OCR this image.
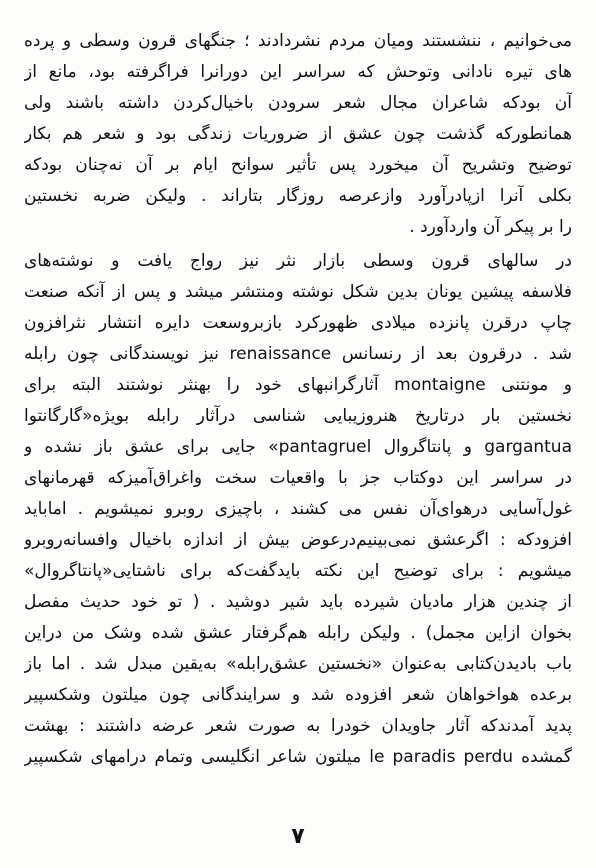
می‌خوانیم ، ننشستند ومیان مردم نشردادند ؛ جنگهای قرون وسطی و پرده
های تیره نادانی وتوحش که سراسر این دورانرا فراگرفته بود، مانع از
آن بودکه شاعران مجال شعر سرودن باخیال‌کردن داشته باشند ولی
همانطورکه گذشت چون عشق از ضروریات زندگی بود و شعر هم بکار
توضیح وتشریح آن میخورد پس تأثیر سوانح ایام بر آن نه‌چنان بودکه
بکلی آنرا ازپادرآورد وازعرصه روزگار بتاراند . ولیکن ضربه نخستین
را بر پیکر آن واردآورد .
در سالهای قرون وسطی بازار نثر نیز رواج یافت و نوشته‌های
فلاسفه پیشین یونان بدین شکل نوشته ومنتشر میشد و پس از آنکه صنعت
چاپ درقرن پانزده میلادی ظهورکرد بازبروسعت دایره انتشار نثرافزون
شد . درقرون بعد از رنسانس renaissance نیز نویسندگانی چون رابله
و مونتنی montaigne آثارگرانبهای خود را بهنثر نوشتند البته برای
نخستین بار درتاریخ هنروزیبایی شناسی درآثار رابله بویژه«گارگانتوا
gargantua و پانتاگروال pantagruel» جایی برای عشق باز نشده و
در سراسر این دوکتاب جز با واقعیات سخت واغراق‌آمیزکه قهرمانهای
غول‌آسایی درهوای‌آن نفس می کشند ، باچیزی روبرو نمیشویم . امابايد
افزودکه : اگرعشق نمی‌بینیم‌درعوض بیش از اندازه باخیال وافسانه‌روبرو
میشویم : برای توضیح این نکته بایدگفت‌که برای ناشتایی«پانتاگروال»
از چندین هزار مادیان شیرده باید شیر دوشید . ( تو خود حدیث مفصل
بخوان ازاین مجمل) . ولیکن رابله هم‌گرفتار عشق شده وشک من دراین
باب بادیدن‌کتابی به‌عنوان «نخستین عشق‌رابله» به‌یقین مبدل شد . اما باز
برعده هواخواهان شعر افزوده شد و سرایندگانی چون میلتون وشکسپیر
پدید آمدندکه آثار جاویدان خودرا به صورت شعر عرضه داشتند : بهشت
گمشده le paradis perdu میلتون شاعر انگلیسی وتمام درامهای شکسپیر
۷
